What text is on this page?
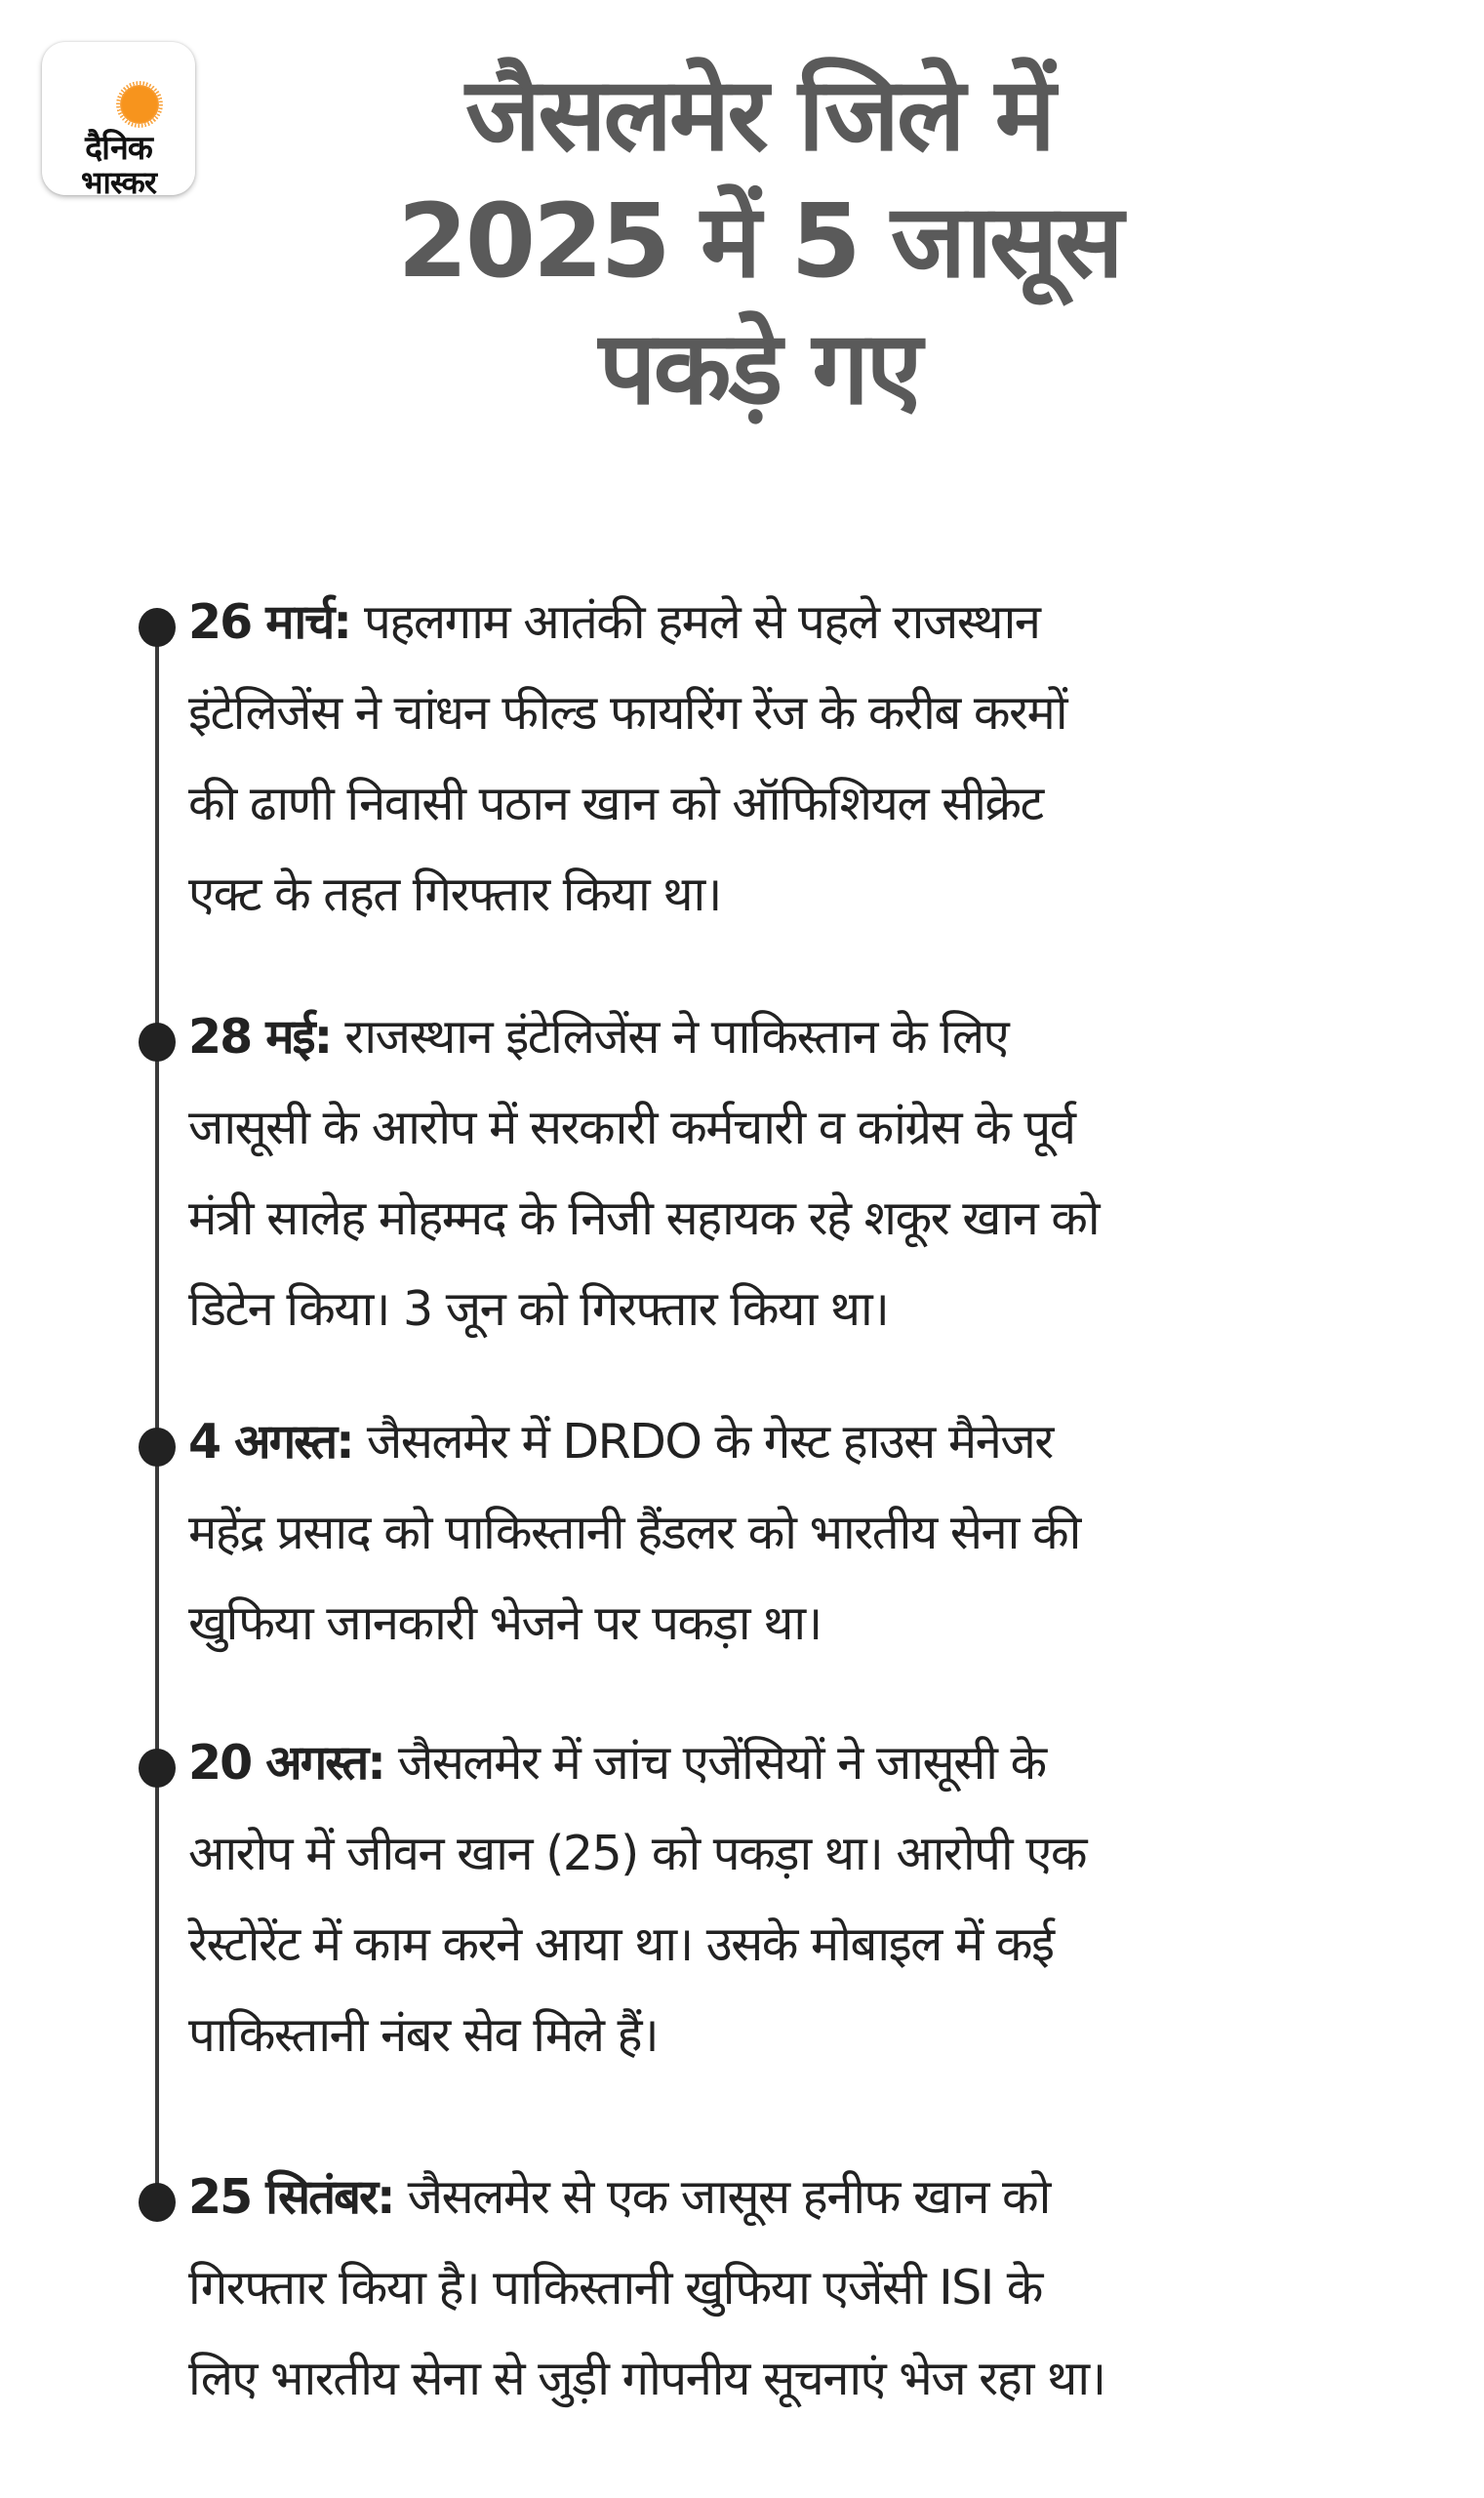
दैनिक
भास्कर
जैसलमेर जिले में
2025 में 5 जासूस
पकड़े गए
26 मार्च: पहलगाम आतंकी हमले से पहले राजस्थान
इंटेलिजेंस ने चांधन फील्ड फायरिंग रेंज के करीब करमों
की ढाणी निवासी पठान खान को ऑफिशियल सीक्रेट
एक्ट के तहत गिरफ्तार किया था।
28 मई: राजस्थान इंटेलिजेंस ने पाकिस्तान के लिए
जासूसी के आरोप में सरकारी कर्मचारी व कांग्रेस के पूर्व
मंत्री सालेह मोहम्मद के निजी सहायक रहे शकूर खान को
डिटेन किया। 3 जून को गिरफ्तार किया था।
4 अगस्त: जैसलमेर में DRDO के गेस्ट हाउस मैनेजर
महेंद्र प्रसाद को पाकिस्तानी हैंडलर को भारतीय सेना की
खुफिया जानकारी भेजने पर पकड़ा था।
20 अगस्त: जैसलमेर में जांच एजेंसियों ने जासूसी के
आरोप में जीवन खान (25) को पकड़ा था। आरोपी एक
रेस्टोरेंट में काम करने आया था। उसके मोबाइल में कई
पाकिस्तानी नंबर सेव मिले हैं।
25 सितंबर: जैसलमेर से एक जासूस हनीफ खान को
गिरफ्तार किया है। पाकिस्तानी खुफिया एजेंसी ISI के
लिए भारतीय सेना से जुड़ी गोपनीय सूचनाएं भेज रहा था।
